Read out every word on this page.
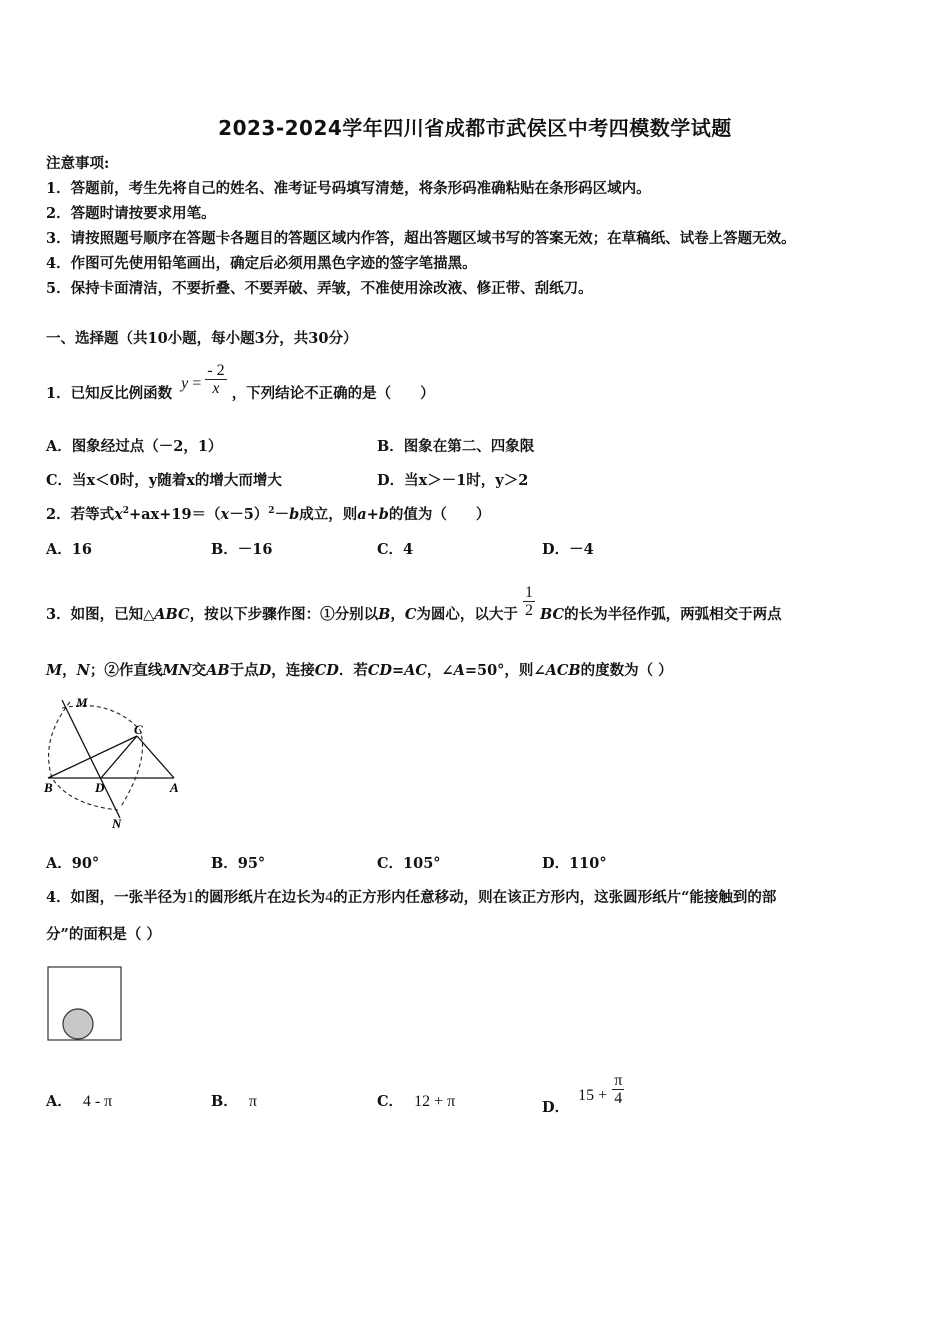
2023-2024学年四川省成都市武侯区中考四模数学试题
注意事项:
1．答题前，考生先将自己的姓名、准考证号码填写清楚，将条形码准确粘贴在条形码区域内。
2．答题时请按要求用笔。
3．请按照题号顺序在答题卡各题目的答题区域内作答，超出答题区域书写的答案无效；在草稿纸、试卷上答题无效。
4．作图可先使用铅笔画出，确定后必须用黑色字迹的签字笔描黑。
5．保持卡面清洁，不要折叠、不要弄破、弄皱，不准使用涂改液、修正带、刮纸刀。
一、选择题（共10小题，每小题3分，共30分）
1．已知反比例函数 $y = \frac{- 2}{x}$ ，下列结论不正确的是（　　）
A．图象经过点（－2，1）	B．图象在第二、四象限
C．当x＜0时，y随着x的增大而增大	D．当x＞－1时，y＞2
2．若等式$x^2+ax+19=(x-5)^2-b$成立，则a+b的值为（　　）
A．16	B．－16	C．4	D．－4
3．如图，已知△ABC，按以下步骤作图：①分别以B，C为圆心，以大于 $\frac{1}{2}$ BC的长为半径作弧，两弧相交于两点
M，N；②作直线MN交AB于点D，连接CD．若CD=AC，∠A=50°，则∠ACB的度数为（ ）
M
C
B	D	A
N
A．90°	B．95°	C．105°	D．110°
4．如图，一张半径为1的圆形纸片在边长为4的正方形内任意移动，则在该正方形内，这张圆形纸片“能接触到的部
分”的面积是（ ）
A． 4 - π	B． π	C． 12 + π	D． $15 + \frac{\pi}{4}$
